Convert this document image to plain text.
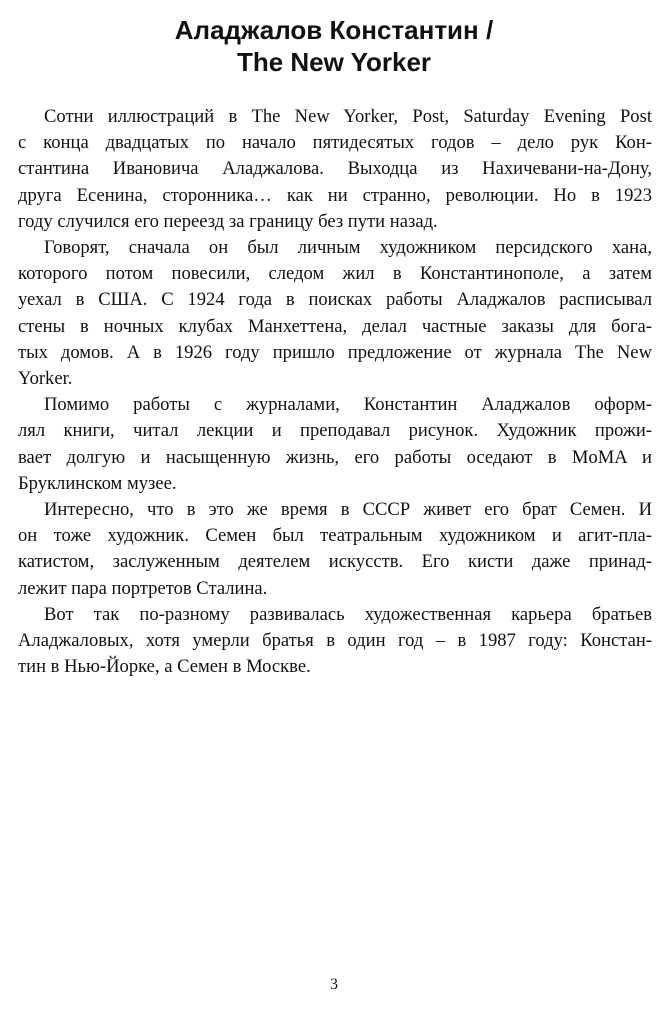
Аладжалов Константин /
The New Yorker
Сотни иллюстраций в The New Yorker, Post, Saturday Evening Post
с конца двадцатых по начало пятидесятых годов – дело рук Кон-
стантина Ивановича Аладжалова. Выходца из Нахичевани-на-Дону,
друга Есенина, сторонника… как ни странно, революции. Но в 1923
году случился его переезд за границу без пути назад.
Говорят, сначала он был личным художником персидского хана,
которого потом повесили, следом жил в Константинополе, а затем
уехал в США. С 1924 года в поисках работы Аладжалов расписывал
стены в ночных клубах Манхеттена, делал частные заказы для бога-
тых домов. А в 1926 году пришло предложение от журнала The New
Yorker.
Помимо работы с журналами, Константин Аладжалов оформ-
лял книги, читал лекции и преподавал рисунок. Художник прожи-
вает долгую и насыщенную жизнь, его работы оседают в MoMA и
Бруклинском музее.
Интересно, что в это же время в СССР живет его брат Семен. И
он тоже художник. Семен был театральным художником и агит-пла-
катистом, заслуженным деятелем искусств. Его кисти даже принад-
лежит пара портретов Сталина.
Вот так по-разному развивалась художественная карьера братьев
Аладжаловых, хотя умерли братья в один год – в 1987 году: Констан-
тин в Нью-Йорке, а Семен в Москве.
3
